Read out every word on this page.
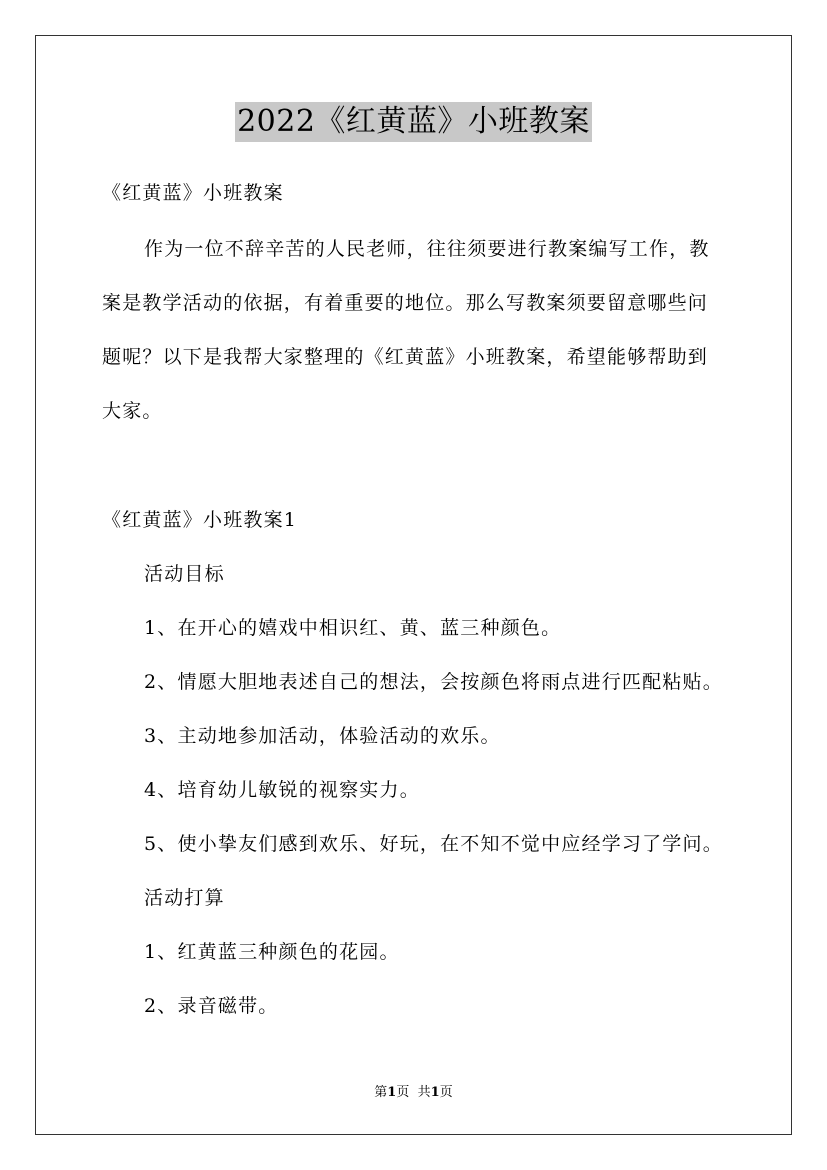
2022《红黄蓝》小班教案
《红黄蓝》小班教案
作为一位不辞辛苦的人民老师，往往须要进行教案编写工作，教
案是教学活动的依据，有着重要的地位。那么写教案须要留意哪些问
题呢？以下是我帮大家整理的《红黄蓝》小班教案，希望能够帮助到
大家。
《红黄蓝》小班教案1
活动目标
1、在开心的嬉戏中相识红、黄、蓝三种颜色。
2、情愿大胆地表述自己的想法，会按颜色将雨点进行匹配粘贴。
3、主动地参加活动，体验活动的欢乐。
4、培育幼儿敏锐的视察实力。
5、使小挚友们感到欢乐、好玩，在不知不觉中应经学习了学问。
活动打算
1、红黄蓝三种颜色的花园。
2、录音磁带。
第1页 共1页
